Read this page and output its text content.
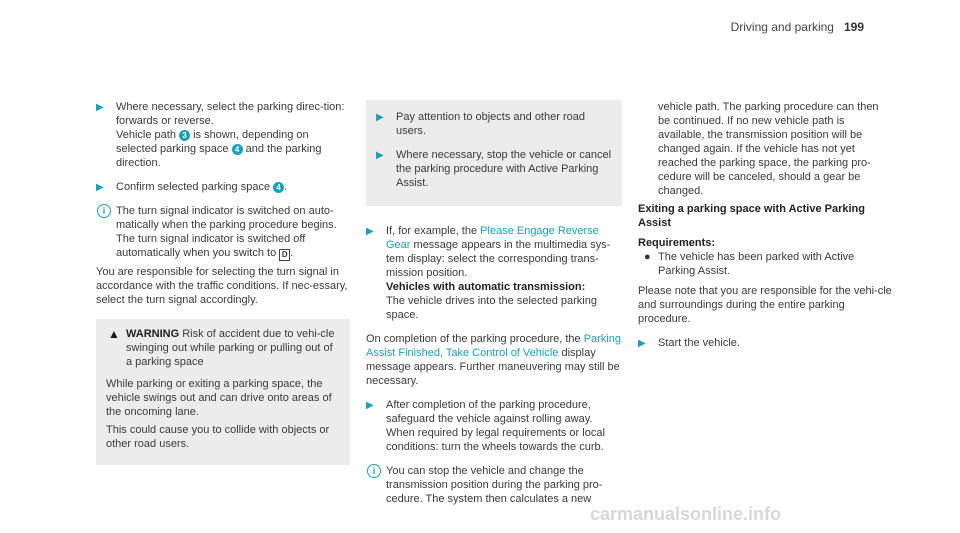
Driving and parking 199
▶ Where necessary, select the parking direc-tion: forwards or reverse.
Vehicle path 3 is shown, depending on selected parking space 4 and the parking direction.
▶ Confirm selected parking space 4 .
i The turn signal indicator is switched on auto-matically when the parking procedure begins. The turn signal indicator is switched off automatically when you switch to D .

You are responsible for selecting the turn signal in accordance with the traffic conditions. If nec-essary, select the turn signal accordingly.

▲ WARNING Risk of accident due to vehi-cle swinging out while parking or pulling out of a parking space

While parking or exiting a parking space, the vehicle swings out and can drive onto areas of the oncoming lane.

This could cause you to collide with objects or other road users.

▶ Pay attention to objects and other road users.
▶ Where necessary, stop the vehicle or cancel the parking procedure with Active Parking Assist.
▶ If, for example, the Please Engage Reverse Gear message appears in the multimedia sys-tem display: select the corresponding trans-mission position.
Vehicles with automatic transmission:
The vehicle drives into the selected parking space.

On completion of the parking procedure, the Parking Assist Finished, Take Control of Vehicle display message appears. Further maneuvering may still be necessary.

▶ After completion of the parking procedure, safeguard the vehicle against rolling away. When required by legal requirements or local conditions: turn the wheels towards the curb.
i You can stop the vehicle and change the transmission position during the parking pro-cedure. The system then calculates a new

vehicle path. The parking procedure can then be continued. If no new vehicle path is available, the transmission position will be changed again. If the vehicle has not yet reached the parking space, the parking pro-cedure will be canceled, should a gear be changed.

Exiting a parking space with Active Parking Assist
Requirements:
● The vehicle has been parked with Active Parking Assist.

Please note that you are responsible for the vehi-cle and surroundings during the entire parking procedure.

▶ Start the vehicle.
carmanualsonline.info
